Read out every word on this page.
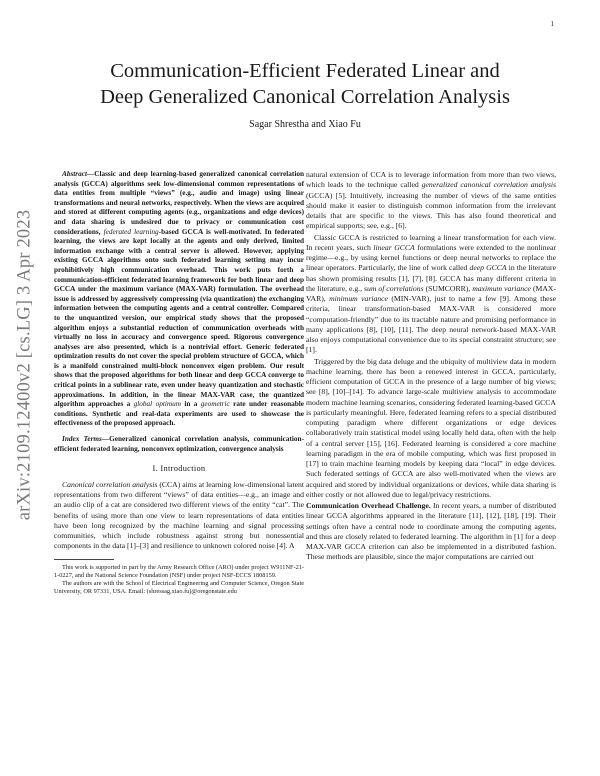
1
arXiv:2109.12400v2 [cs.LG] 3 Apr 2023
Communication-Efficient Federated Linear and
Deep Generalized Canonical Correlation Analysis
Sagar Shrestha and Xiao Fu

Abstract—Classic and deep learning-based generalized canonical correlation analysis (GCCA) algorithms seek low-dimensional common representations of data entities from multiple “views” (e.g., audio and image) using linear transformations and neural networks, respectively. When the views are acquired and stored at different computing agents (e.g., organizations and edge devices) and data sharing is undesired due to privacy or communication cost considerations, federated learning-based GCCA is well-motivated. In federated learning, the views are kept locally at the agents and only derived, limited information exchange with a central server is allowed. However, applying existing GCCA algorithms onto such federated learning setting may incur prohibitively high communication overhead. This work puts forth a communication-efficient federated learning framework for both linear and deep GCCA under the maximum variance (MAX-VAR) formulation. The overhead issue is addressed by aggressively compressing (via quantization) the exchanging information between the computing agents and a central controller. Compared to the unquantized version, our empirical study shows that the proposed algorithm enjoys a substantial reduction of communication overheads with virtually no loss in accuracy and convergence speed. Rigorous convergence analyses are also presented, which is a nontrivial effort. Generic federated optimization results do not cover the special problem structure of GCCA, which is a manifold constrained multi-block nonconvex eigen problem. Our result shows that the proposed algorithms for both linear and deep GCCA converge to critical points in a sublinear rate, even under heavy quantization and stochastic approximations. In addition, in the linear MAX-VAR case, the quantized algorithm approaches a global optimum in a geometric rate under reasonable conditions. Synthetic and real-data experiments are used to showcase the effectiveness of the proposed approach.

Index Terms—Generalized canonical correlation analysis, communication-efficient federated learning, nonconvex optimization, convergence analysis

I. Introduction

Canonical correlation analysis (CCA) aims at learning low-dimensional latent representations from two different “views” of data entities—e.g., an image and an audio clip of a cat are considered two different views of the entity “cat”. The benefits of using more than one view to learn representations of data entities have been long recognized by the machine learning and signal processing communities, which include robustness against strong but nonessential components in the data [1]–[3] and resilience to unknown colored noise [4]. A

This work is supported in part by the Army Research Office (ARO) under project W911NF-21-1-0227, and the National Science Foundation (NSF) under project NSF-ECCS 1808159.

The authors are with the School of Electrical Engineering and Computer Science, Oregon State University, OR 97331, USA. Email: (shressag,xiao.fu)@oregonstate.edu

natural extension of CCA is to leverage information from more than two views, which leads to the technique called generalized canonical correlation analysis (GCCA) [5]. Intuitively, increasing the number of views of the same entities should make it easier to distinguish common information from the irrelevant details that are specific to the views. This has also found theoretical and empirical supports; see, e.g., [6].

Classic GCCA is restricted to learning a linear transformation for each view. In recent years, such linear GCCA formulations were extended to the nonlinear regime—e.g., by using kernel functions or deep neural networks to replace the linear operators. Particularly, the line of work called deep GCCA in the literature has shown promising results [1], [7], [8]. GCCA has many different criteria in the literature, e.g., sum of correlations (SUMCORR), maximum variance (MAX-VAR), minimum variance (MIN-VAR), just to name a few [9]. Among these criteria, linear transformation-based MAX-VAR is considered more “computation-friendly” due to its tractable nature and promising performance in many applications [8], [10], [11]. The deep neural network-based MAX-VAR also enjoys computational convenience due to its special constraint structure; see [1].

Triggered by the big data deluge and the ubiquity of multiview data in modern machine learning, there has been a renewed interest in GCCA, particularly, efficient computation of GCCA in the presence of a large number of big views; see [8], [10]–[14]. To advance large-scale multiview analysis to accommodate modern machine learning scenarios, considering federated learning-based GCCA is particularly meaningful. Here, federated learning refers to a special distributed computing paradigm where different organizations or edge devices collaboratively train statistical model using locally held data, often with the help of a central server [15], [16]. Federated learning is considered a core machine learning paradigm in the era of mobile computing, which was first proposed in [17] to train machine learning models by keeping data “local” in edge devices. Such federated settings of GCCA are also well-motivated when the views are acquired and stored by individual organizations or devices, while data sharing is either costly or not allowed due to legal/privacy restrictions.

Communication Overhead Challenge. In recent years, a number of distributed linear GCCA algorithms appeared in the literature [11], [12], [18], [19]. Their settings often have a central node to coordinate among the computing agents, and thus are closely related to federated learning. The algorithm in [1] for a deep MAX-VAR GCCA criterion can also be implemented in a distributed fashion. These methods are plausible, since the major computations are carried out
